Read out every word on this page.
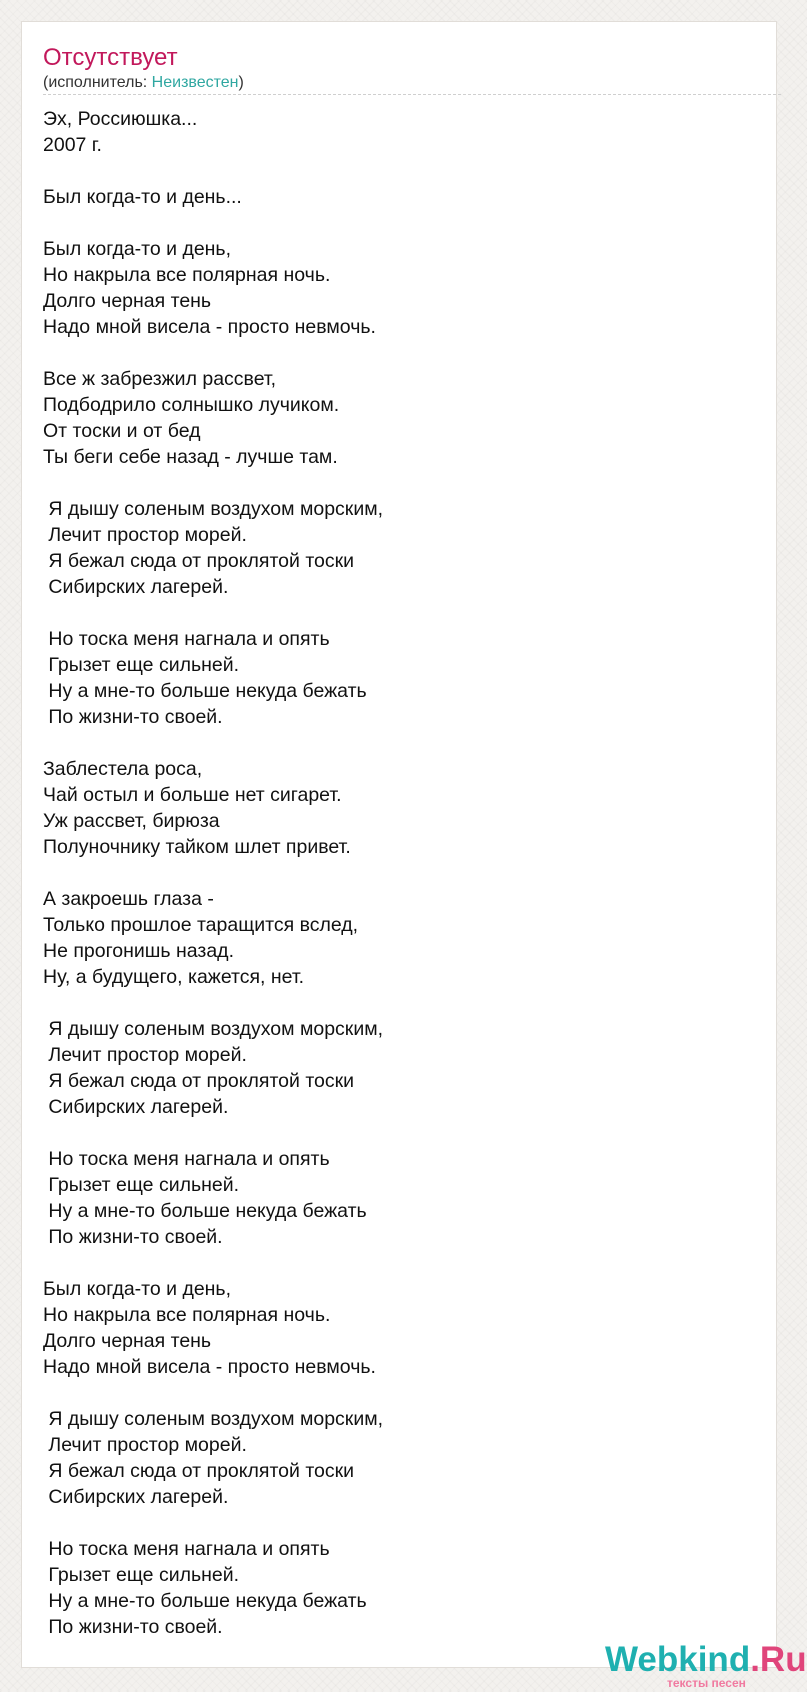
Отсутствует
(исполнитель: Неизвестен)
Эх, Россиюшка...
2007 г.

Был когда-то и день...

Был когда-то и день,
Но накрыла все полярная ночь.
Долго черная тень
Надо мной висела - просто невмочь.

Все ж забрезжил рассвет,
Подбодрило солнышко лучиком.
От тоски и от бед
Ты беги себе назад - лучше там.

Я дышу соленым воздухом морским,
Лечит простор морей.
Я бежал сюда от проклятой тоски
Сибирских лагерей.

Но тоска меня нагнала и опять
Грызет еще сильней.
Ну а мне-то больше некуда бежать
По жизни-то своей.

Заблестела роса,
Чай остыл и больше нет сигарет.
Уж рассвет, бирюза
Полуночнику тайком шлет привет.

А закроешь глаза -
Только прошлое таращится вслед,
Не прогонишь назад.
Ну, а будущего, кажется, нет.

Я дышу соленым воздухом морским,
Лечит простор морей.
Я бежал сюда от проклятой тоски
Сибирских лагерей.

Но тоска меня нагнала и опять
Грызет еще сильней.
Ну а мне-то больше некуда бежать
По жизни-то своей.

Был когда-то и день,
Но накрыла все полярная ночь.
Долго черная тень
Надо мной висела - просто невмочь.

Я дышу соленым воздухом морским,
Лечит простор морей.
Я бежал сюда от проклятой тоски
Сибирских лагерей.

Но тоска меня нагнала и опять
Грызет еще сильней.
Ну а мне-то больше некуда бежать
По жизни-то своей.
Webkind.Ru
тексты песен
